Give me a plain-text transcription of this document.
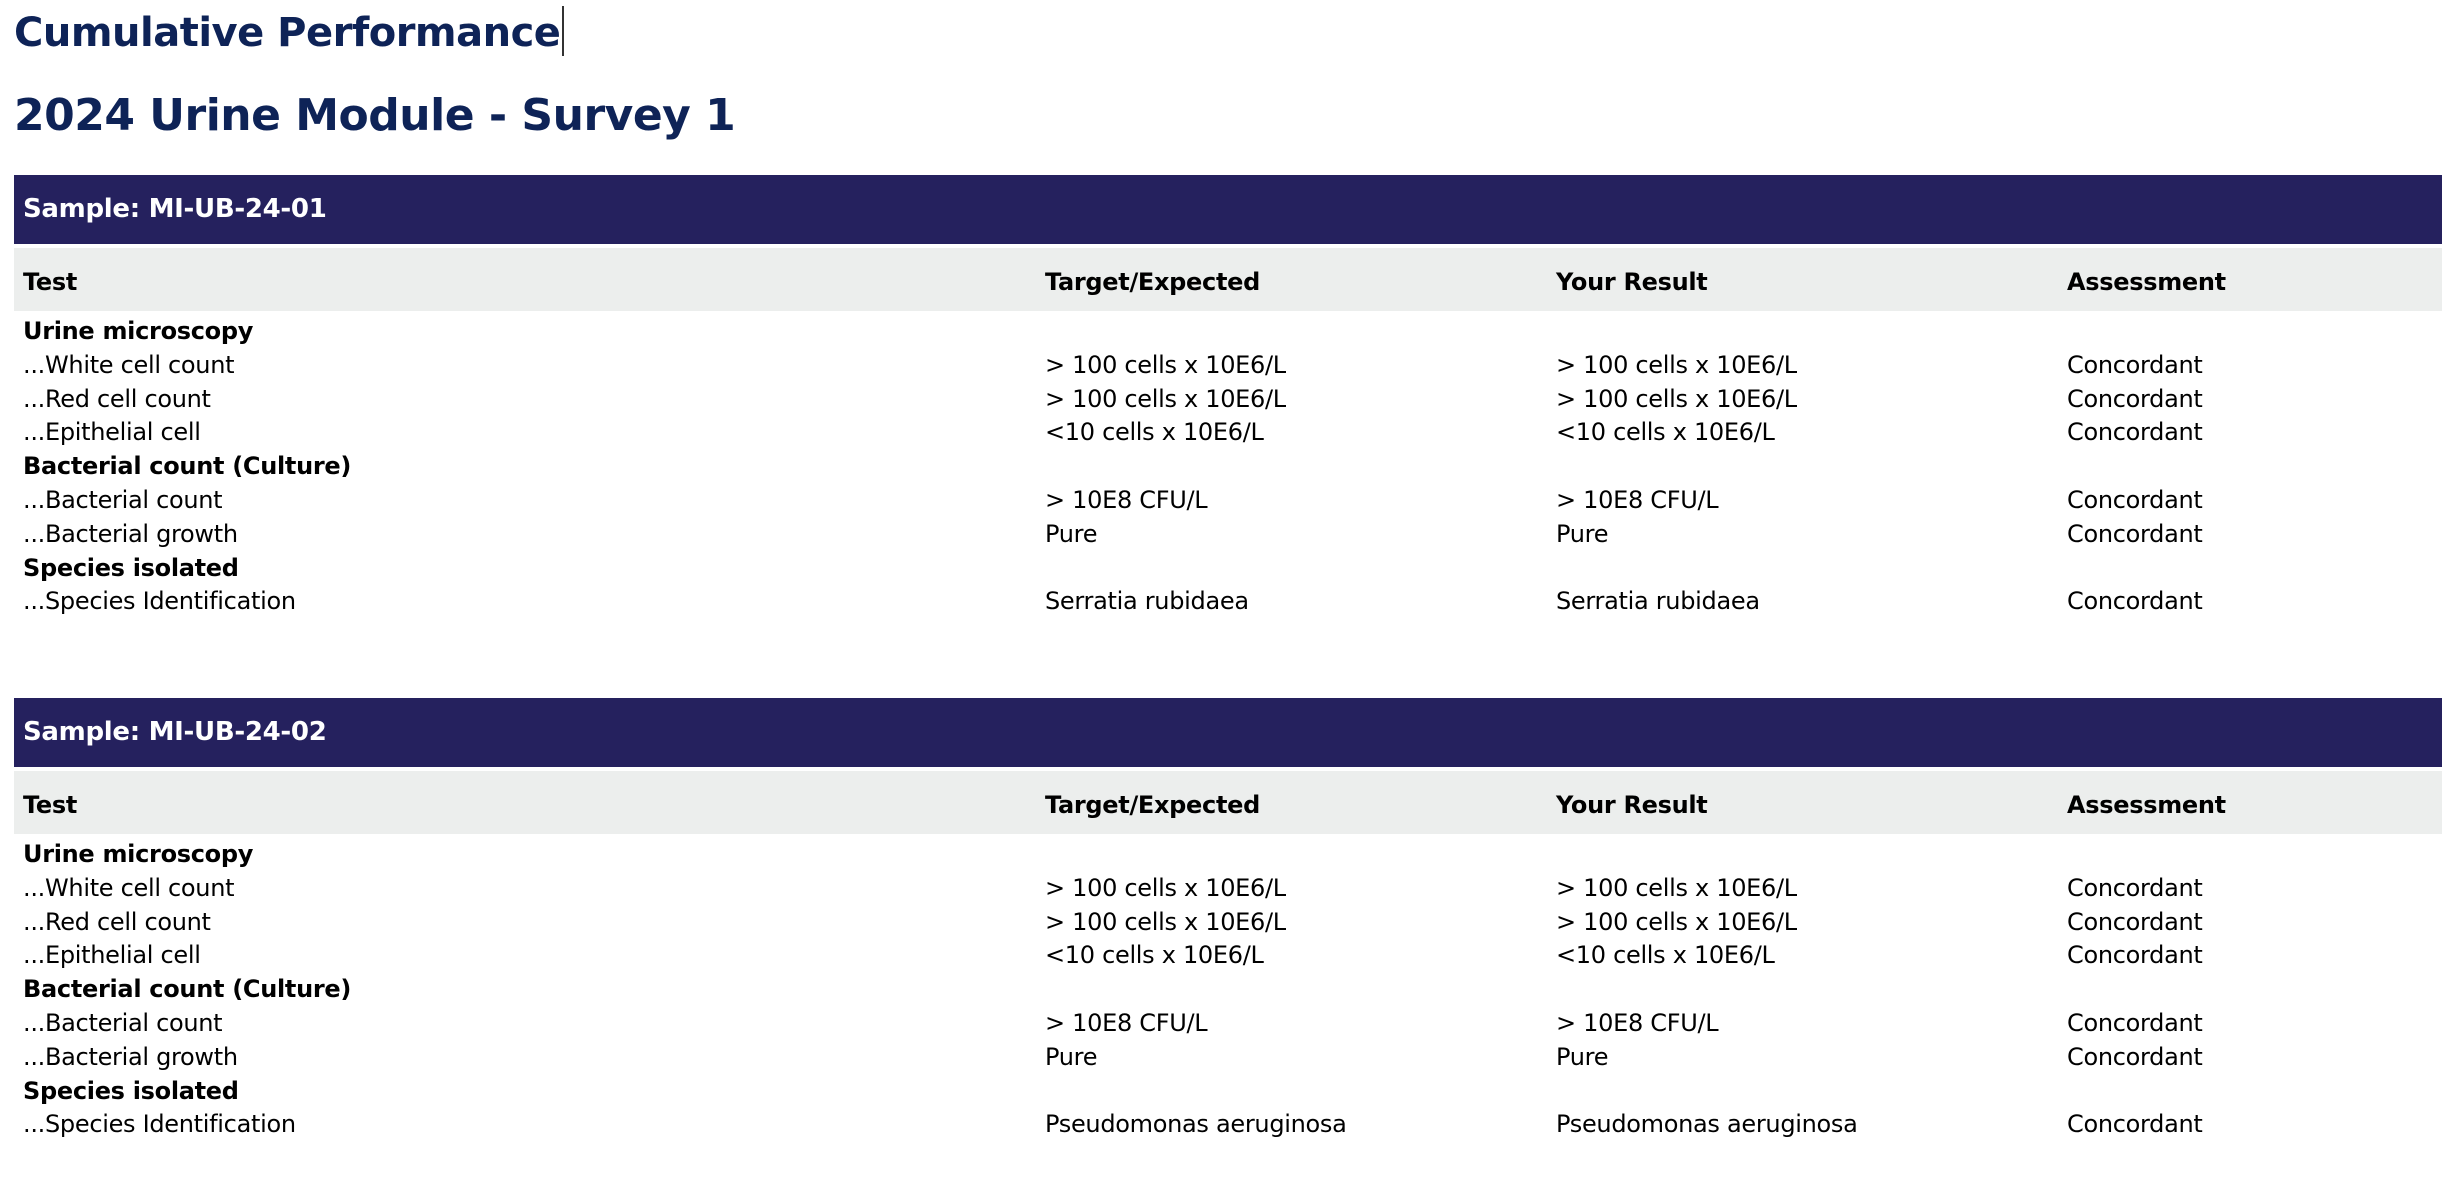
Cumulative Performance
2024 Urine Module - Survey 1
Sample: MI-UB-24-01
Test	Target/Expected	Your Result	Assessment
Urine microscopy
...White cell count	> 100 cells x 10E6/L	> 100 cells x 10E6/L	Concordant
...Red cell count	> 100 cells x 10E6/L	> 100 cells x 10E6/L	Concordant
...Epithelial cell	<10 cells x 10E6/L	<10 cells x 10E6/L	Concordant
Bacterial count (Culture)
...Bacterial count	> 10E8 CFU/L	> 10E8 CFU/L	Concordant
...Bacterial growth	Pure	Pure	Concordant
Species isolated
...Species Identification	Serratia rubidaea	Serratia rubidaea	Concordant
Sample: MI-UB-24-02
Test	Target/Expected	Your Result	Assessment
Urine microscopy
...White cell count	> 100 cells x 10E6/L	> 100 cells x 10E6/L	Concordant
...Red cell count	> 100 cells x 10E6/L	> 100 cells x 10E6/L	Concordant
...Epithelial cell	<10 cells x 10E6/L	<10 cells x 10E6/L	Concordant
Bacterial count (Culture)
...Bacterial count	> 10E8 CFU/L	> 10E8 CFU/L	Concordant
...Bacterial growth	Pure	Pure	Concordant
Species isolated
...Species Identification	Pseudomonas aeruginosa	Pseudomonas aeruginosa	Concordant
